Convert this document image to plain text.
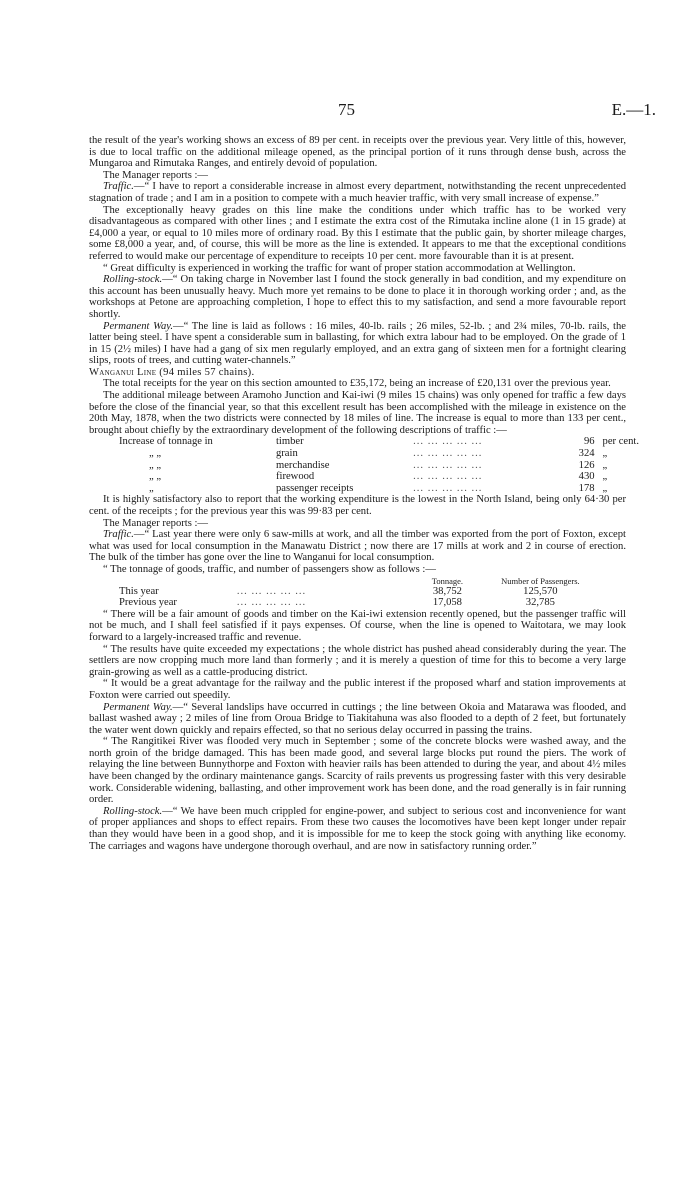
75	E.—1.

the result of the year's working shows an excess of 89 per cent. in receipts over the previous year. Very little of this, however, is due to local traffic on the additional mileage opened, as the principal portion of it runs through dense bush, across the Mungaroa and Rimutaka Ranges, and entirely devoid of population.

The Manager reports :—

Traffic.—“ I have to report a considerable increase in almost every department, notwithstanding the recent unprecedented stagnation of trade ; and I am in a position to compete with a much heavier traffic, with very small increase of expense.”

The exceptionally heavy grades on this line make the conditions under which traffic has to be worked very disadvantageous as compared with other lines ; and I estimate the extra cost of the Rimutaka incline alone (1 in 15 grade) at £4,000 a year, or equal to 10 miles more of ordinary road. By this I estimate that the public gain, by shorter mileage charges, some £8,000 a year, and, of course, this will be more as the line is extended. It appears to me that the exceptional conditions referred to would make our percentage of expenditure to receipts 10 per cent. more favourable than it is at present.

“ Great difficulty is experienced in working the traffic for want of proper station accommodation at Wellington.

Rolling-stock.—“ On taking charge in November last I found the stock generally in bad condition, and my expenditure on this account has been unusually heavy. Much more yet remains to be done to place it in thorough working order ; and, as the workshops at Petone are approaching completion, I hope to effect this to my satisfaction, and send a more favourable report shortly.

Permanent Way.—“ The line is laid as follows : 16 miles, 40-lb. rails ; 26 miles, 52-lb. ; and 2¾ miles, 70-lb. rails, the latter being steel. I have spent a considerable sum in ballasting, for which extra labour had to be employed. On the grade of 1 in 15 (2½ miles) I have had a gang of six men regularly employed, and an extra gang of sixteen men for a fortnight clearing slips, roots of trees, and cutting water-channels.”

Wanganui Line (94 miles 57 chains).

The total receipts for the year on this section amounted to £35,172, being an increase of £20,131 over the previous year.

The additional mileage between Aramoho Junction and Kai-iwi (9 miles 15 chains) was only opened for traffic a few days before the close of the financial year, so that this excellent result has been accomplished with the mileage in existence on the 20th May, 1878, when the two districts were connected by 18 miles of line. The increase is equal to more than 133 per cent., brought about chiefly by the extraordinary development of the following descriptions of traffic :—

Increase of tonnage in	timber	... ... ... ... ...	96	per cent.
„ „	grain	... ... ... ... ...	324	„
„ „	merchandise	... ... ... ... ...	126	„
„ „	firewood	... ... ... ... ...	430	„
„	passenger receipts	... ... ... ... ...	178	„

It is highly satisfactory also to report that the working expenditure is the lowest in the North Island, being only 64·30 per cent. of the receipts ; for the previous year this was 99·83 per cent.

The Manager reports :—

Traffic.—“ Last year there were only 6 saw-mills at work, and all the timber was exported from the port of Foxton, except what was used for local consumption in the Manawatu District ; now there are 17 mills at work and 2 in course of erection. The bulk of the timber has gone over the line to Wanganui for local consumption.

“ The tonnage of goods, traffic, and number of passengers show as follows :—

		Tonnage.	Number of Passengers.
This year	... ... ... ... ...	38,752	125,570
Previous year	... ... ... ... ...	17,058	32,785

“ There will be a fair amount of goods and timber on the Kai-iwi extension recently opened, but the passenger traffic will not be much, and I shall feel satisfied if it pays expenses. Of course, when the line is opened to Waitotara, we may look forward to a largely-increased traffic and revenue.

“ The results have quite exceeded my expectations ; the whole district has pushed ahead considerably during the year. The settlers are now cropping much more land than formerly ; and it is merely a question of time for this to become a very large grain-growing as well as a cattle-producing district.

“ It would be a great advantage for the railway and the public interest if the proposed wharf and station improvements at Foxton were carried out speedily.

Permanent Way.—“ Several landslips have occurred in cuttings ; the line between Okoia and Matarawa was flooded, and ballast washed away ; 2 miles of line from Oroua Bridge to Tiakitahuna was also flooded to a depth of 2 feet, but fortunately the water went down quickly and repairs effected, so that no serious delay occurred in passing the trains.

“ The Rangitikei River was flooded very much in September ; some of the concrete blocks were washed away, and the north groin of the bridge damaged. This has been made good, and several large blocks put round the piers. The work of relaying the line between Bunnythorpe and Foxton with heavier rails has been attended to during the year, and about 4½ miles have been changed by the ordinary maintenance gangs. Scarcity of rails prevents us progressing faster with this very desirable work. Considerable widening, ballasting, and other improvement work has been done, and the road generally is in fair running order.

Rolling-stock.—“ We have been much crippled for engine-power, and subject to serious cost and inconvenience for want of proper appliances and shops to effect repairs. From these two causes the locomotives have been kept longer under repair than they would have been in a good shop, and it is impossible for me to keep the stock going with anything like economy. The carriages and wagons have undergone thorough overhaul, and are now in satisfactory running order.”
